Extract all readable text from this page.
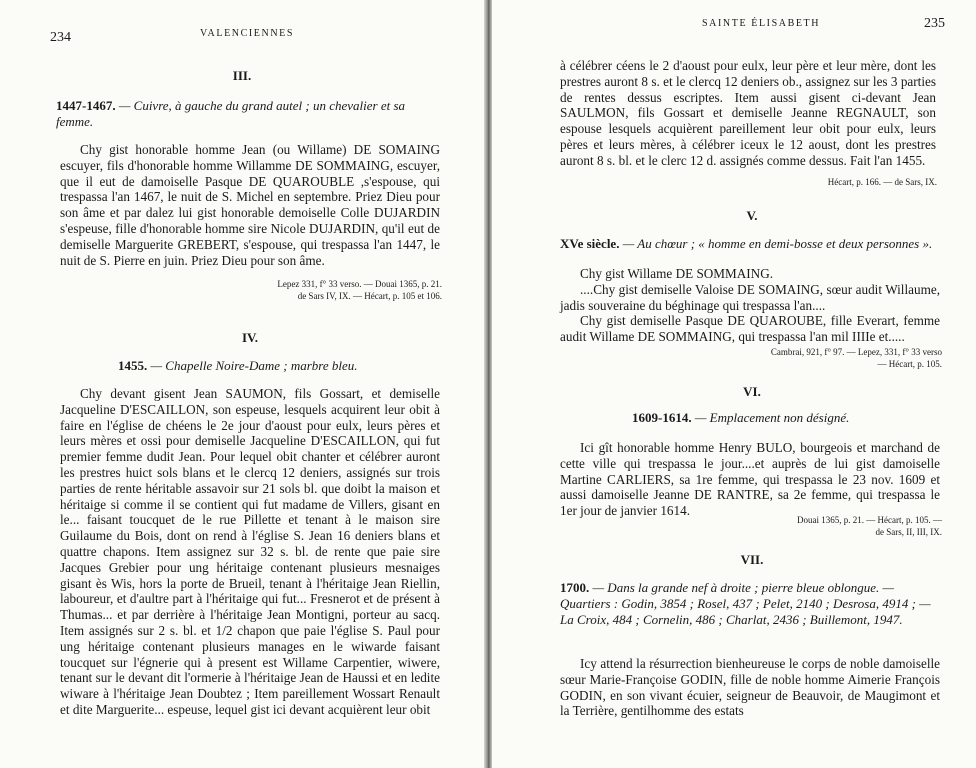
234	VALENCIENNES
III.
1447-1467. — Cuivre, à gauche du grand autel ; un chevalier et sa femme.

Chy gist honorable homme Jean (ou Willame) DE SOMAING escuyer, fils d'honorable homme Willamme DE SOMMAING, escuyer, que il eut de damoiselle Pasque DE QUAROUBLE ,s'espouse, qui trespassa l'an 1467, le nuit de S. Michel en septembre. Priez Dieu pour son âme et par dalez lui gist honorable demoiselle Colle DUJARDIN s'espeuse, fille d'honorable homme sire Nicole DUJARDIN, qu'il eut de demiselle Marguerite GREBERT, s'espouse, qui trespassa l'an 1447, le nuit de S. Pierre en juin. Priez Dieu pour son âme.

Lepez 331, f° 33 verso. — Douai 1365, p. 21.
de Sars IV, IX. — Hécart, p. 105 et 106.
IV.
1455. — Chapelle Noire-Dame ; marbre bleu.

Chy devant gisent Jean SAUMON, fils Gossart, et demiselle Jacqueline D'ESCAILLON, son espeuse, lesquels acquirent leur obit à faire en l'église de chéens le 2e jour d'aoust pour eulx, leurs pères et leurs mères et ossi pour demiselle Jacqueline D'ESCAILLON, qui fut premier femme dudit Jean. Pour lequel obit chanter et célébrer auront les prestres huict sols blans et le clercq 12 deniers, assignés sur trois parties de rente héritable assavoir sur 21 sols bl. que doibt la maison et héritaige si comme il se contient qui fut madame de Villers, gisant en le... faisant toucquet de le rue Pillette et tenant à le maison sire Guilaume du Bois, dont on rend à l'église S. Jean 16 deniers blans et quattre chapons. Item assignez sur 32 s. bl. de rente que paie sire Jacques Grebier pour ung héritaige contenant plusieurs mesnaiges gisant ès Wis, hors la porte de Brueil, tenant à l'héritaige Jean Riellin, laboureur, et d'aultre part à l'héritaige qui fut... Fresnerot et de présent à Thumas... et par derrière à l'héritaige Jean Montigni, porteur au sacq. Item assignés sur 2 s. bl. et 1/2 chapon que paie l'église S. Paul pour ung héritaige contenant plusieurs manages en le wiwarde faisant toucquet sur l'égnerie qui à present est Willame Carpentier, wiwere, tenant sur le devant dit l'ormerie à l'héritaige Jean de Haussi et en ledite wiware à l'héritaige Jean Doubtez ; Item pareillement Wossart Renault et dite Marguerite... espeuse, lequel gist ici devant acquièrent leur obit

SAINTE ÉLISABETH	235

à célébrer céens le 2 d'aoust pour eulx, leur père et leur mère, dont les prestres auront 8 s. et le clercq 12 deniers ob., assignez sur les 3 parties de rentes dessus escriptes. Item aussi gisent ci-devant Jean SAULMON, fils Gossart et demiselle Jeanne REGNAULT, son espouse lesquels acquièrent pareillement leur obit pour eulx, leurs pères et leurs mères, à célébrer iceux le 12 aoust, dont les prestres auront 8 s. bl. et le clerc 12 d. assignés comme dessus. Fait l'an 1455.

Hécart, p. 166. — de Sars, IX.
V.
XVe siècle. — Au chœur ; « homme en demi-bosse et deux personnes ».

Chy gist Willame DE SOMMAING.

....Chy gist demiselle Valoise DE SOMAING, sœur audit Willaume, jadis souveraine du béghinage qui trespassa l'an....

Chy gist demiselle Pasque DE QUAROUBE, fille Everart, femme audit Willame DE SOMMAING, qui trespassa l'an mil IIIIe et.....

Cambrai, 921, f° 97. — Lepez, 331, f° 33 verso
— Hécart, p. 105.
VI.
1609-1614. — Emplacement non désigné.

Ici gît honorable homme Henry BULO, bourgeois et marchand de cette ville qui trespassa le jour....et auprès de lui gist damoiselle Martine CARLIERS, sa 1re femme, qui trespassa le 23 nov. 1609 et aussi damoiselle Jeanne DE RANTRE, sa 2e femme, qui trespassa le 1er jour de janvier 1614.

Douai 1365, p. 21. — Hécart, p. 105. —
de Sars, II, III, IX.
VII.
1700. — Dans la grande nef à droite ; pierre bleue oblongue. — Quartiers : Godin, 3854 ; Rosel, 437 ; Pelet, 2140 ; Desrosa, 4914 ; — La Croix, 484 ; Cornelin, 486 ; Charlat, 2436 ; Buillemont, 1947.

Icy attend la résurrection bienheureuse le corps de noble damoiselle sœur Marie-Françoise GODIN, fille de noble homme Aimerie François GODIN, en son vivant écuier, seigneur de Beauvoir, de Maugimont et la Terrière, gentilhomme des estats
